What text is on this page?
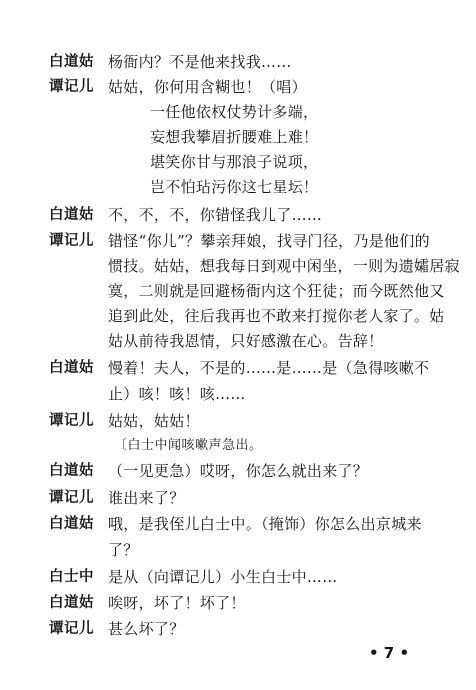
白道姑 杨衙内？不是他来找我……
谭记儿 姑姑，你何用含糊也！（唱）
一任他依权仗势计多端，
妄想我攀眉折腰难上难！
堪笑你甘与那浪子说项，
岂不怕玷污你这七星坛！
白道姑 不，不，不，你错怪我儿了……
谭记儿 错怪“你儿”？攀亲拜娘，找寻门径，乃是他们的
惯技。姑姑，想我每日到观中闲坐，一则为遗孀居寂
寞，二则就是回避杨衙内这个狂徒；而今既然他又
追到此处，往后我再也不敢来打搅你老人家了。姑
姑从前待我恩情，只好感激在心。告辞！
白道姑 慢着！夫人，不是的……是……是（急得咳嗽不
止）咳！咳！咳……
谭记儿 姑姑，姑姑！
〔白士中闻咳嗽声急出。
白道姑 （一见更急）哎呀，你怎么就出来了？
谭记儿 谁出来了？
白道姑 哦，是我侄儿白士中。（掩饰）你怎么出京城来
了？
白士中 是从（向谭记儿）小生白士中……
白道姑 唉呀，坏了！坏了！
谭记儿 甚么坏了？
• 7 •
